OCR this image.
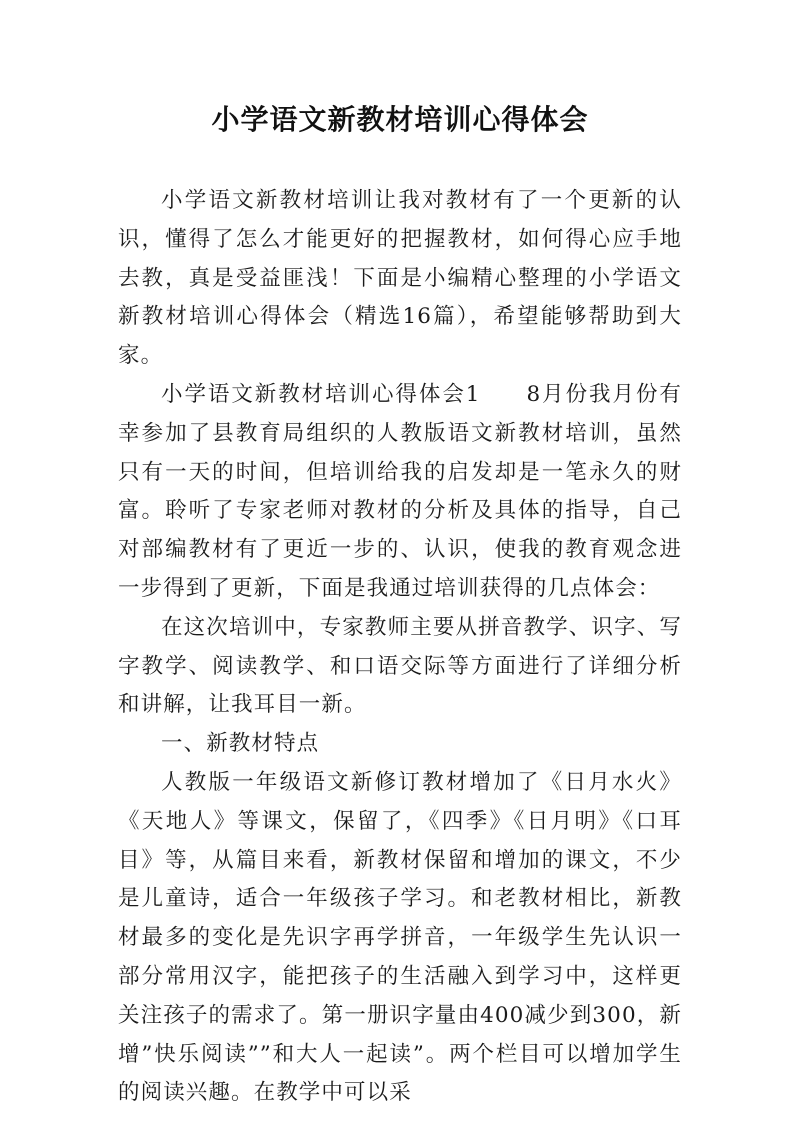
小学语文新教材培训心得体会

小学语文新教材培训让我对教材有了一个更新的认识，懂得了怎么才能更好的把握教材，如何得心应手地去教，真是受益匪浅！下面是小编精心整理的小学语文新教材培训心得体会（精选16篇），希望能够帮助到大家。

小学语文新教材培训心得体会1 8月份我月份有幸参加了县教育局组织的人教版语文新教材培训，虽然只有一天的时间，但培训给我的启发却是一笔永久的财富。聆听了专家老师对教材的分析及具体的指导，自己对部编教材有了更近一步的、认识，使我的教育观念进一步得到了更新，下面是我通过培训获得的几点体会：

在这次培训中，专家教师主要从拼音教学、识字、写字教学、阅读教学、和口语交际等方面进行了详细分析和讲解，让我耳目一新。

一、新教材特点

人教版一年级语文新修订教材增加了《日月水火》《天地人》等课文，保留了，《四季》《日月明》《口耳目》等，从篇目来看，新教材保留和增加的课文，不少是儿童诗，适合一年级孩子学习。和老教材相比，新教材最多的变化是先识字再学拼音，一年级学生先认识一部分常用汉字，能把孩子的生活融入到学习中，这样更关注孩子的需求了。第一册识字量由400减少到300，新增”快乐阅读””和大人一起读”。两个栏目可以增加学生的阅读兴趣。在教学中可以采
